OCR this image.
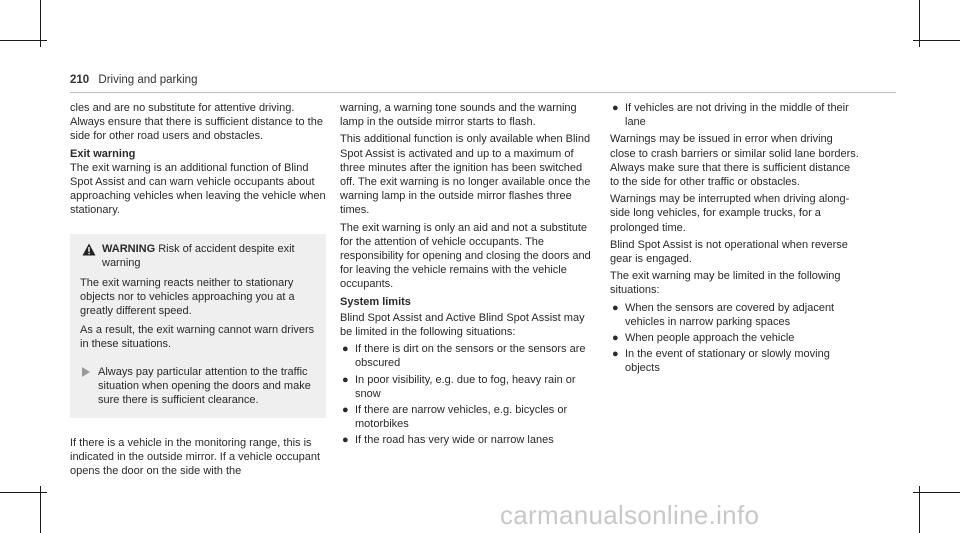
210 Driving and parking

cles and are no substitute for attentive driving. Always ensure that there is sufficient distance to the side for other road users and obstacles.

Exit warning

The exit warning is an additional function of Blind Spot Assist and can warn vehicle occupants about approaching vehicles when leaving the vehicle when stationary.

WARNING Risk of accident despite exit warning

The exit warning reacts neither to stationary objects nor to vehicles approaching you at a greatly different speed.

As a result, the exit warning cannot warn drivers in these situations.

Always pay particular attention to the traffic situation when opening the doors and make sure there is sufficient clearance.

If there is a vehicle in the monitoring range, this is indicated in the outside mirror. If a vehicle occupant opens the door on the side with the

warning, a warning tone sounds and the warning lamp in the outside mirror starts to flash.

This additional function is only available when Blind Spot Assist is activated and up to a maximum of three minutes after the ignition has been switched off. The exit warning is no longer available once the warning lamp in the outside mirror flashes three times.

The exit warning is only an aid and not a substitute for the attention of vehicle occupants. The responsibility for opening and closing the doors and for leaving the vehicle remains with the vehicle occupants.

System limits

Blind Spot Assist and Active Blind Spot Assist may be limited in the following situations:

● If there is dirt on the sensors or the sensors are obscured
● In poor visibility, e.g. due to fog, heavy rain or snow
● If there are narrow vehicles, e.g. bicycles or motorbikes
● If the road has very wide or narrow lanes
● If vehicles are not driving in the middle of their lane

Warnings may be issued in error when driving close to crash barriers or similar solid lane borders. Always make sure that there is sufficient distance to the side for other traffic or obstacles.

Warnings may be interrupted when driving along-side long vehicles, for example trucks, for a prolonged time.

Blind Spot Assist is not operational when reverse gear is engaged.

The exit warning may be limited in the following situations:

● When the sensors are covered by adjacent vehicles in narrow parking spaces
● When people approach the vehicle
● In the event of stationary or slowly moving objects
carmanualsonline.info
